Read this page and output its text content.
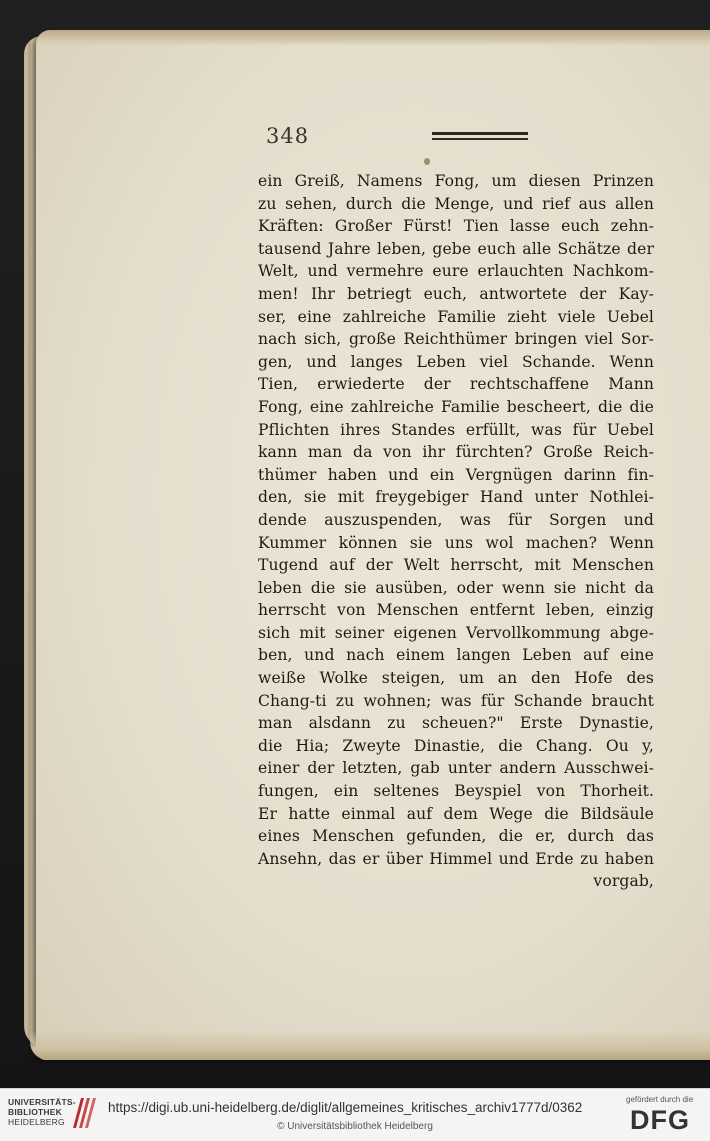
348
ein Greiß, Namens Fong, um diesen Prinzen
zu sehen, durch die Menge, und rief aus allen
Kräften: Großer Fürst! Tien lasse euch zehn-
tausend Jahre leben, gebe euch alle Schätze der
Welt, und vermehre eure erlauchten Nachkom-
men! Ihr betriegt euch, antwortete der Kay-
ser, eine zahlreiche Familie zieht viele Uebel
nach sich, große Reichthümer bringen viel Sor-
gen, und langes Leben viel Schande. Wenn
Tien, erwiederte der rechtschaffene Mann
Fong, eine zahlreiche Familie bescheert, die die
Pflichten ihres Standes erfüllt, was für Uebel
kann man da von ihr fürchten? Große Reich-
thümer haben und ein Vergnügen darinn fin-
den, sie mit freygebiger Hand unter Nothlei-
dende auszuspenden, was für Sorgen und
Kummer können sie uns wol machen? Wenn
Tugend auf der Welt herrscht, mit Menschen
leben die sie ausüben, oder wenn sie nicht da
herrscht von Menschen entfernt leben, einzig
sich mit seiner eigenen Vervollkommung abge-
ben, und nach einem langen Leben auf eine
weiße Wolke steigen, um an den Hofe des
Chang-ti zu wohnen; was für Schande braucht
man alsdann zu scheuen?" Erste Dynastie,
die Hia; Zweyte Dinastie, die Chang. Ou y,
einer der letzten, gab unter andern Ausschwei-
fungen, ein seltenes Beyspiel von Thorheit.
Er hatte einmal auf dem Wege die Bildsäule
eines Menschen gefunden, die er, durch das
Ansehn, das er über Himmel und Erde zu haben
vorgab,
UNIVERSITÄTS-
BIBLIOTHEK
HEIDELBERG
https://digi.ub.uni-heidelberg.de/diglit/allgemeines_kritisches_archiv1777d/0362
© Universitätsbibliothek Heidelberg
gefördert durch die
DFG
